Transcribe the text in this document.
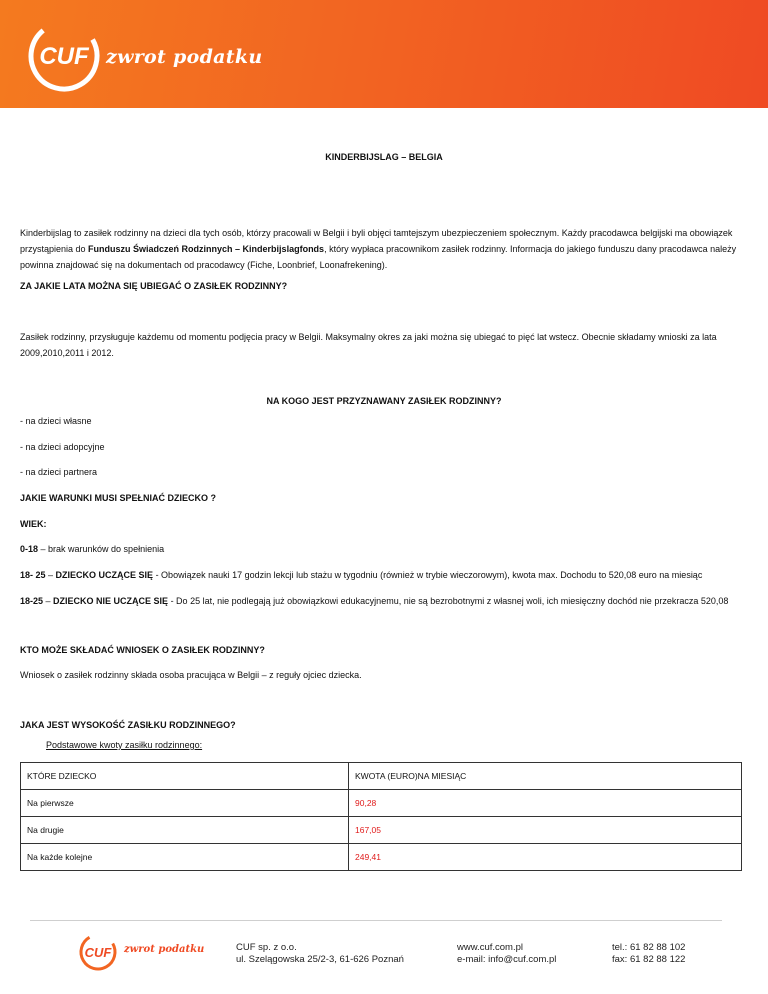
CUF zwrot podatku
KINDERBIJSLAG – BELGIA
Kinderbijslag to zasiłek rodzinny na dzieci dla tych osób, którzy pracowali w Belgii i byli objęci tamtejszym ubezpieczeniem społecznym. Każdy pracodawca belgijski ma obowiązek przystąpienia do Funduszu Świadczeń Rodzinnych – Kinderbijslagfonds, który wypłaca pracownikom zasiłek rodzinny. Informacja do jakiego funduszu dany pracodawca należy powinna znajdować się na dokumentach od pracodawcy (Fiche, Loonbrief, Loonafrekening).
ZA JAKIE LATA MOŻNA SIĘ UBIEGAĆ O ZASIŁEK RODZINNY?
Zasiłek rodzinny, przysługuje każdemu od momentu podjęcia pracy w Belgii. Maksymalny okres za jaki można się ubiegać to pięć lat wstecz. Obecnie składamy wnioski za lata 2009,2010,2011 i 2012.
NA KOGO JEST PRZYZNAWANY ZASIŁEK RODZINNY?
- na dzieci własne
- na dzieci adopcyjne
- na dzieci partnera
JAKIE WARUNKI MUSI SPEŁNIAĆ DZIECKO ?
WIEK:
0-18 – brak warunków do spełnienia
18- 25 – DZIECKO UCZĄCE SIĘ - Obowiązek nauki 17 godzin lekcji lub stażu w tygodniu (również w trybie wieczorowym), kwota max. Dochodu to 520,08 euro na miesiąc
18-25 – DZIECKO NIE UCZĄCE SIĘ - Do 25 lat, nie podlegają już obowiązkowi edukacyjnemu, nie są bezrobotnymi z własnej woli, ich miesięczny dochód nie przekracza 520,08
KTO MOŻE SKŁADAĆ WNIOSEK O ZASIŁEK RODZINNY?
Wniosek o zasiłek rodzinny składa osoba pracująca w Belgii – z reguły ojciec dziecka.
JAKA JEST WYSOKOŚĆ ZASIŁKU RODZINNEGO?
Podstawowe kwoty zasiłku rodzinnego:
KTÓRE DZIECKO	KWOTA (EURO)NA MIESIĄC
Na pierwsze	90,28
Na drugie	167,05
Na każde kolejne	249,41
CUF zwrot podatku	CUF sp. z o.o.
ul. Szelągowska 25/2-3, 61-626 Poznań
www.cuf.com.pl
e-mail: info@cuf.com.pl
tel.: 61 82 88 102
fax: 61 82 88 122
